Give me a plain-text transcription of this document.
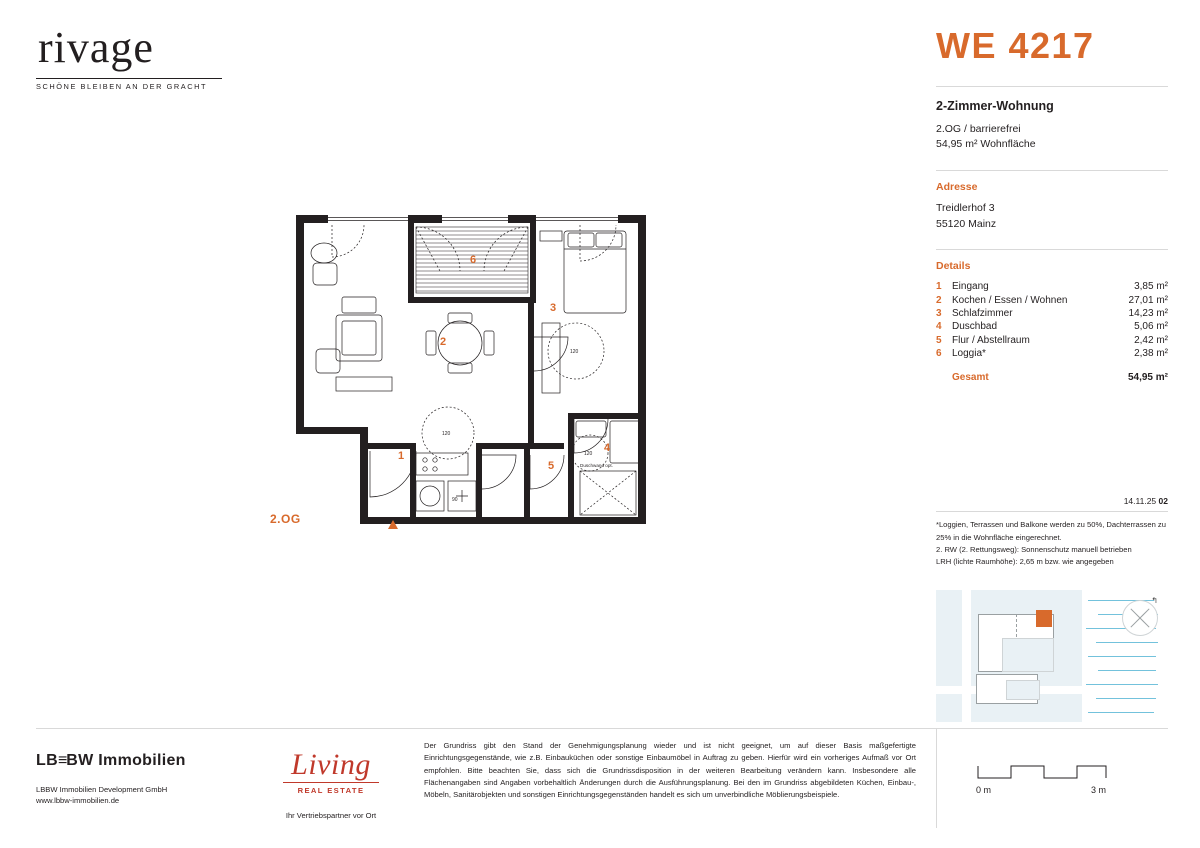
rivage
SCHÖNE BLEIBEN AN DER GRACHT
WE 4217
2-Zimmer-Wohnung
2.OG / barrierefrei
54,95 m² Wohnfläche
Adresse
Treidlerhof 3
55120 Mainz
Details
1	Eingang	3,85 m²
2	Kochen / Essen / Wohnen	27,01 m²
3	Schlafzimmer	14,23 m²
4	Duschbad	5,06 m²
5	Flur / Abstellraum	2,42 m²
6	Loggia*	2,38 m²
	Gesamt	54,95 m²
14.11.25 02
*Loggien, Terrassen und Balkone werden zu 50%, Dachterrassen zu 25% in die Wohnfläche eingerechnet.
2. RW (2. Rettungsweg): Sonnenschutz manuell betrieben
LRH (lichte Raumhöhe): 2,65 m bzw. wie angegeben
↰
2.OG
120
90
120
120
Duschwand opt.
1
2
3
4
5
6
LB≡BW Immobilien
LBBW Immobilien Development GmbH
www.lbbw-immobilien.de
Living
REAL ESTATE
Ihr Vertriebspartner vor Ort
Der Grundriss gibt den Stand der Genehmigungsplanung wieder und ist nicht geeignet, um auf dieser Basis maßgefertigte Einrichtungsgegenstände, wie z.B. Einbauküchen oder sonstige Einbaumöbel in Auftrag zu geben. Hierfür wird ein vorheriges Aufmaß vor Ort empfohlen. Bitte beachten Sie, dass sich die Grundrissdisposition in der weiteren Bearbeitung verändern kann. Insbesondere alle Flächenangaben sind Angaben vorbehaltlich Änderungen durch die Ausführungsplanung. Bei den im Grundriss abgebildeten Küchen, Einbau-, Möbeln, Sanitärobjekten und sonstigen Einrichtungsgegenständen handelt es sich um unverbindliche Möblierungsbeispiele.	0 m	3 m
